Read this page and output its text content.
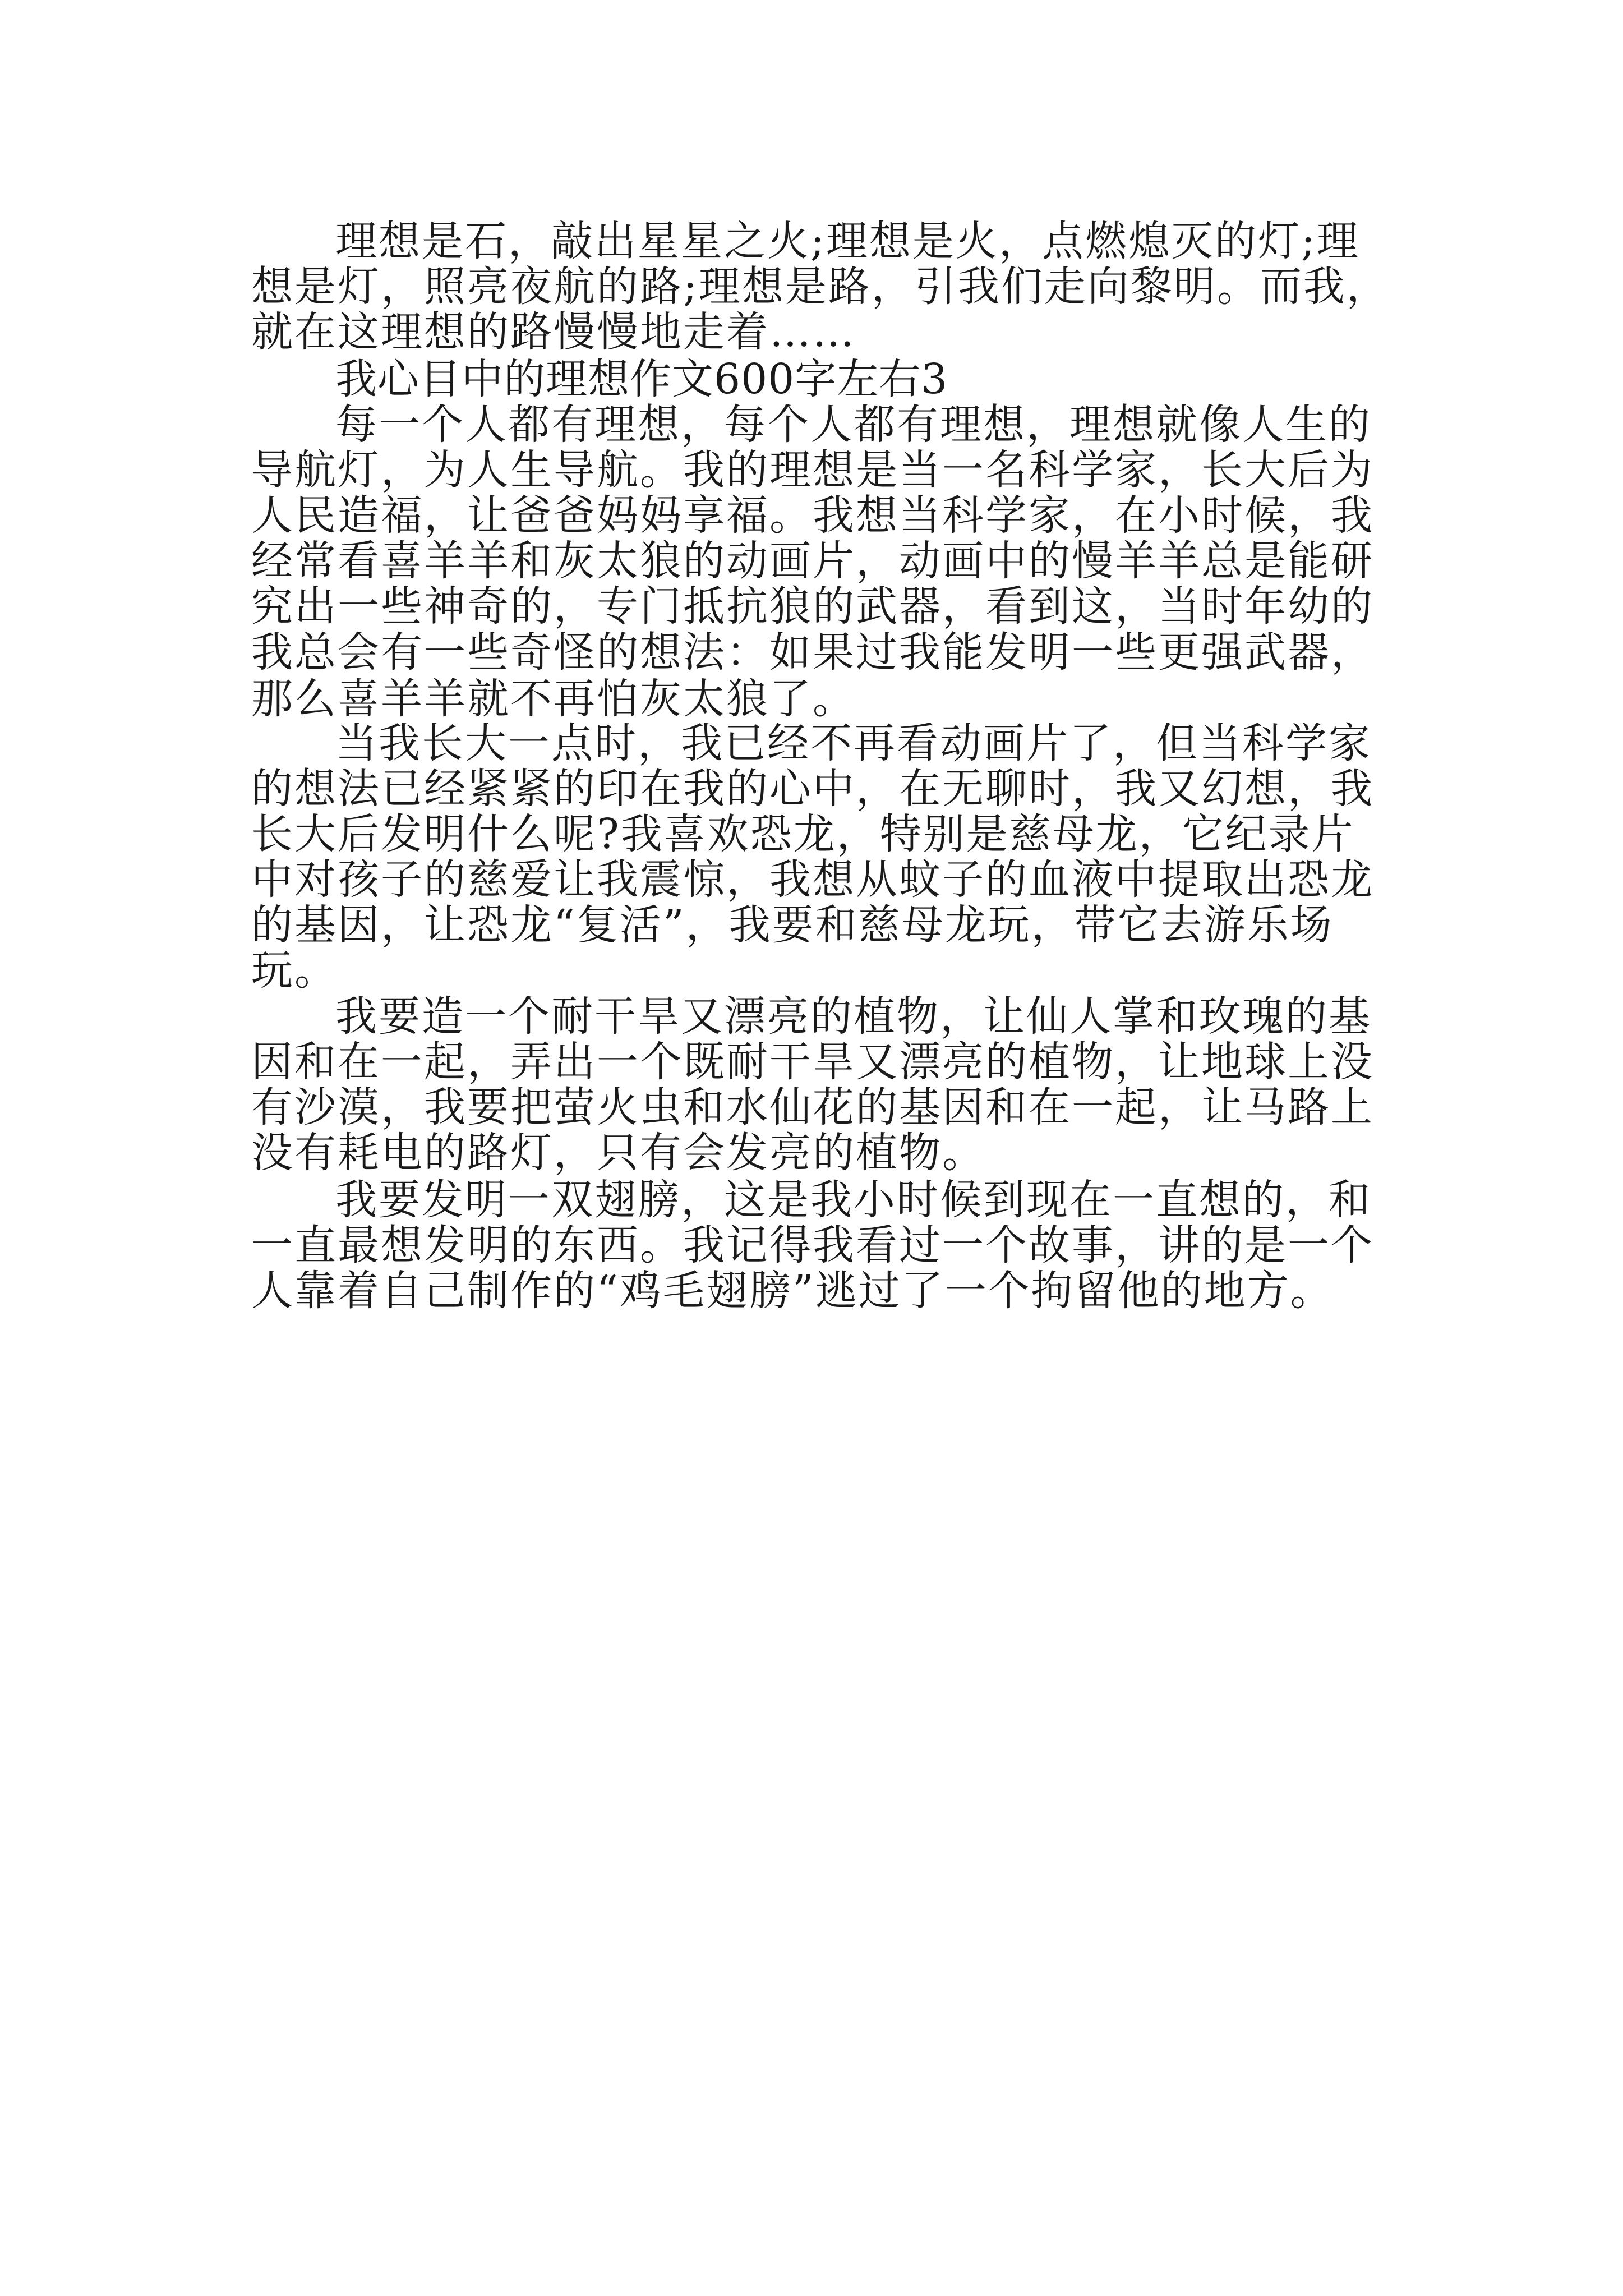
理想是石，敲出星星之火;理想是火，点燃熄灭的灯;理
想是灯，照亮夜航的路;理想是路，引我们走向黎明。而我，
就在这理想的路慢慢地走着……
我心目中的理想作文600字左右3
每一个人都有理想，每个人都有理想，理想就像人生的
导航灯，为人生导航。我的理想是当一名科学家，长大后为
人民造福，让爸爸妈妈享福。我想当科学家，在小时候，我
经常看喜羊羊和灰太狼的动画片，动画中的慢羊羊总是能研
究出一些神奇的，专门抵抗狼的武器，看到这，当时年幼的
我总会有一些奇怪的想法：如果过我能发明一些更强武器，
那么喜羊羊就不再怕灰太狼了。
当我长大一点时，我已经不再看动画片了，但当科学家
的想法已经紧紧的印在我的心中，在无聊时，我又幻想，我
长大后发明什么呢?我喜欢恐龙，特别是慈母龙，它纪录片
中对孩子的慈爱让我震惊，我想从蚊子的血液中提取出恐龙
的基因，让恐龙“复活”，我要和慈母龙玩，带它去游乐场
玩。
我要造一个耐干旱又漂亮的植物，让仙人掌和玫瑰的基
因和在一起，弄出一个既耐干旱又漂亮的植物，让地球上没
有沙漠，我要把萤火虫和水仙花的基因和在一起，让马路上
没有耗电的路灯，只有会发亮的植物。
我要发明一双翅膀，这是我小时候到现在一直想的，和
一直最想发明的东西。我记得我看过一个故事，讲的是一个
人靠着自己制作的“鸡毛翅膀”逃过了一个拘留他的地方。
